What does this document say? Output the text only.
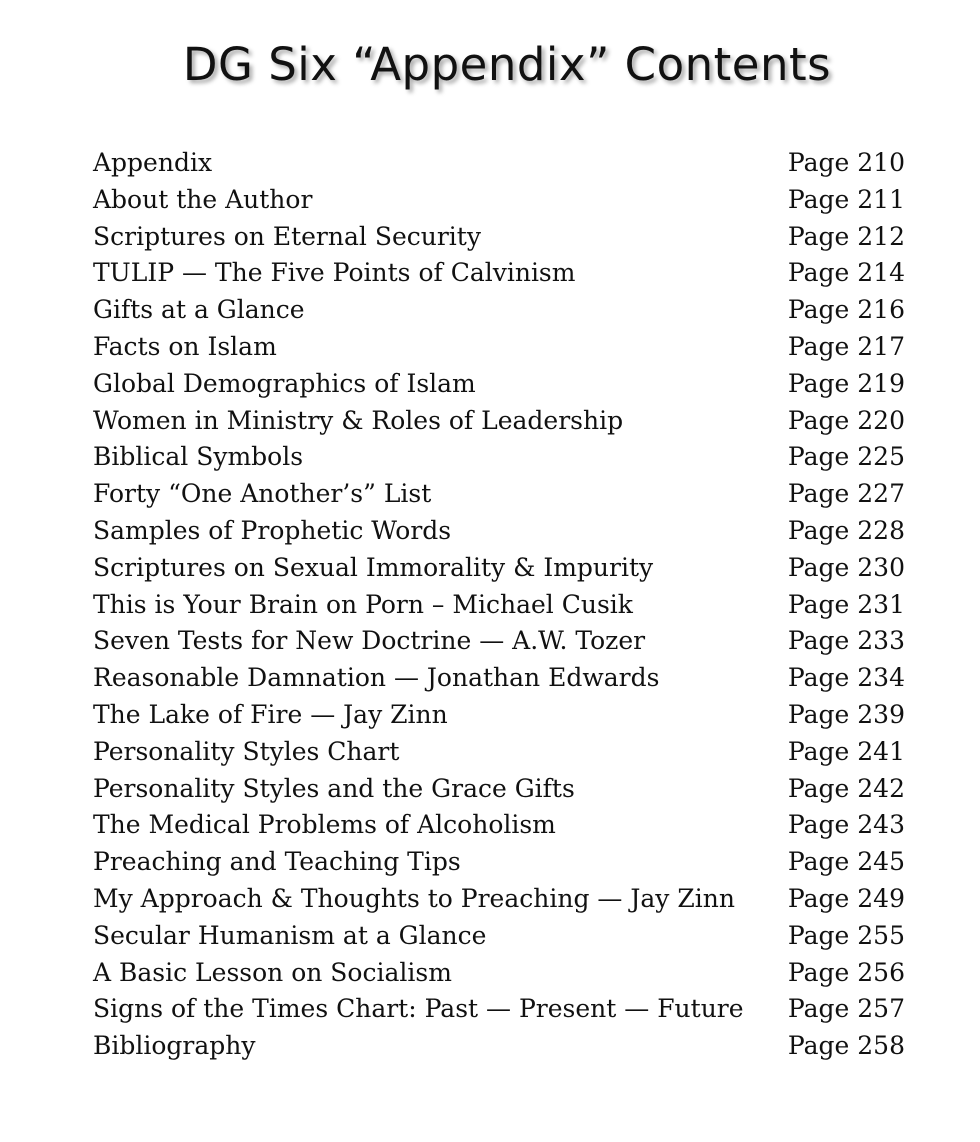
DG Six “Appendix” Contents
Appendix	Page 210
About the Author	Page 211
Scriptures on Eternal Security	Page 212
TULIP — The Five Points of Calvinism	Page 214
Gifts at a Glance	Page 216
Facts on Islam	Page 217
Global Demographics of Islam	Page 219
Women in Ministry & Roles of Leadership	Page 220
Biblical Symbols	Page 225
Forty “One Another’s” List	Page 227
Samples of Prophetic Words	Page 228
Scriptures on Sexual Immorality & Impurity	Page 230
This is Your Brain on Porn – Michael Cusik	Page 231
Seven Tests for New Doctrine — A.W. Tozer	Page 233
Reasonable Damnation — Jonathan Edwards	Page 234
The Lake of Fire — Jay Zinn	Page 239
Personality Styles Chart	Page 241
Personality Styles and the Grace Gifts	Page 242
The Medical Problems of Alcoholism	Page 243
Preaching and Teaching Tips	Page 245
My Approach & Thoughts to Preaching — Jay Zinn	Page 249
Secular Humanism at a Glance	Page 255
A Basic Lesson on Socialism	Page 256
Signs of the Times Chart: Past — Present — Future	Page 257
Bibliography	Page 258
